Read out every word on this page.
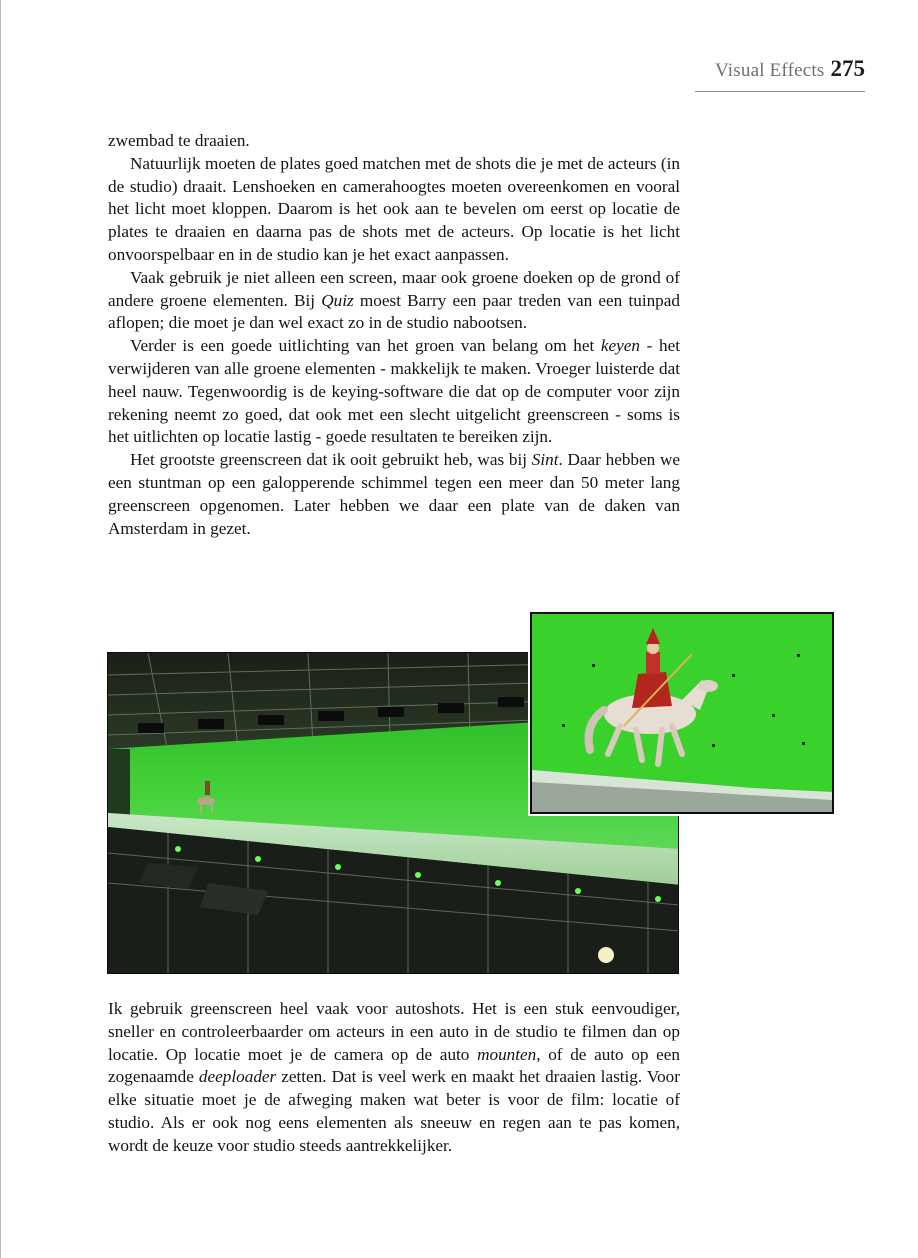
Visual Effects 275

zwembad te draaien.

Natuurlijk moeten de plates goed matchen met de shots die je met de acteurs (in de studio) draait. Lenshoeken en camerahoogtes moeten overeenkomen en vooral het licht moet kloppen. Daarom is het ook aan te bevelen om eerst op locatie de plates te draaien en daarna pas de shots met de acteurs. Op locatie is het licht onvoorspelbaar en in de studio kan je het exact aanpassen.

Vaak gebruik je niet alleen een screen, maar ook groene doeken op de grond of andere groene elementen. Bij Quiz moest Barry een paar treden van een tuinpad aflopen; die moet je dan wel exact zo in de studio nabootsen.

Verder is een goede uitlichting van het groen van belang om het keyen - het verwijderen van alle groene elementen - makkelijk te maken. Vroeger luisterde dat heel nauw. Tegenwoordig is de keying-software die dat op de computer voor zijn rekening neemt zo goed, dat ook met een slecht uitgelicht greenscreen - soms is het uitlichten op locatie lastig - goede resultaten te bereiken zijn.

Het grootste greenscreen dat ik ooit gebruikt heb, was bij Sint. Daar hebben we een stuntman op een galopperende schimmel tegen een meer dan 50 meter lang greenscreen opgenomen. Later hebben we daar een plate van de daken van Amsterdam in gezet.

Ik gebruik greenscreen heel vaak voor autoshots. Het is een stuk eenvoudiger, sneller en controleerbaarder om acteurs in een auto in de studio te filmen dan op locatie. Op locatie moet je de camera op de auto mounten, of de auto op een zogenaamde deeploader zetten. Dat is veel werk en maakt het draaien lastig. Voor elke situatie moet je de afweging maken wat beter is voor de film: locatie of studio. Als er ook nog eens elementen als sneeuw en regen aan te pas komen, wordt de keuze voor studio steeds aantrekkelijker.
